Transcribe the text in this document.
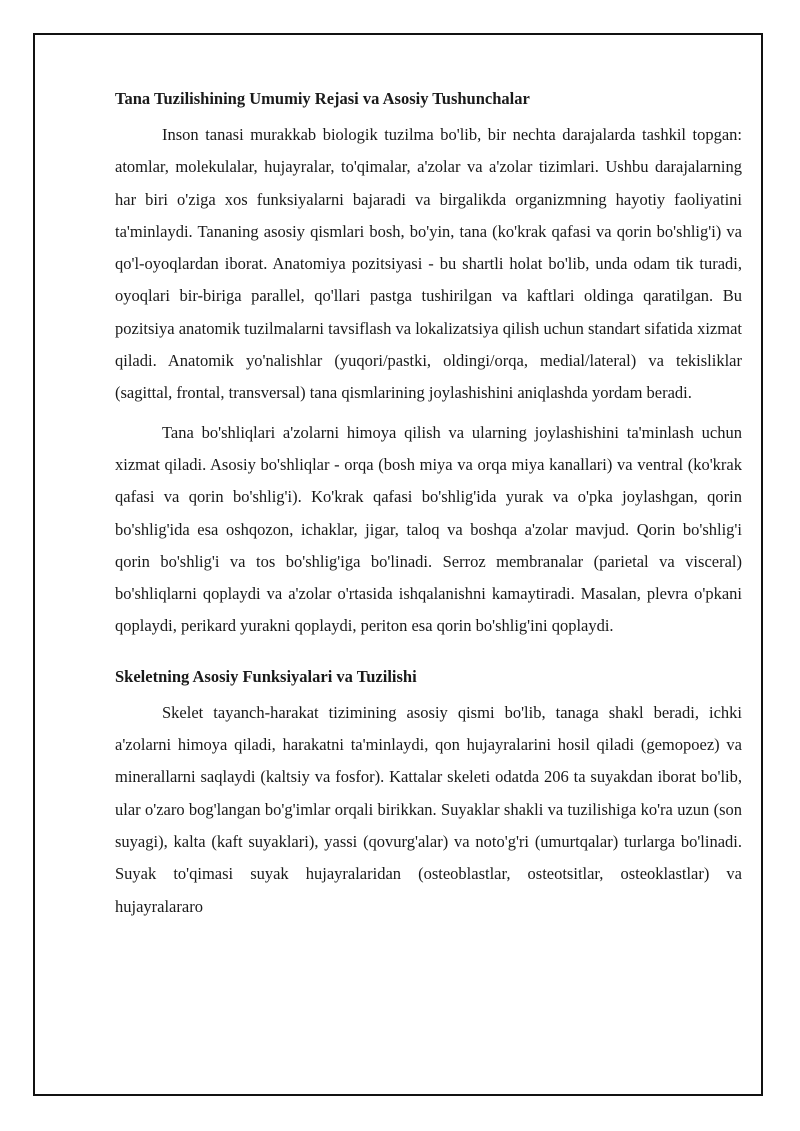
Tana Tuzilishining Umumiy Rejasi va Asosiy Tushunchalar

Inson tanasi murakkab biologik tuzilma bo'lib, bir nechta darajalarda tashkil topgan: atomlar, molekulalar, hujayralar, to'qimalar, a'zolar va a'zolar tizimlari. Ushbu darajalarning har biri o'ziga xos funksiyalarni bajaradi va birgalikda organizmning hayotiy faoliyatini ta'minlaydi. Tananing asosiy qismlari bosh, bo'yin, tana (ko'krak qafasi va qorin bo'shlig'i) va qo'l-oyoqlardan iborat. Anatomiya pozitsiyasi - bu shartli holat bo'lib, unda odam tik turadi, oyoqlari bir-biriga parallel, qo'llari pastga tushirilgan va kaftlari oldinga qaratilgan. Bu pozitsiya anatomik tuzilmalarni tavsiflash va lokalizatsiya qilish uchun standart sifatida xizmat qiladi. Anatomik yo'nalishlar (yuqori/pastki, oldingi/orqa, medial/lateral) va tekisliklar (sagittal, frontal, transversal) tana qismlarining joylashishini aniqlashda yordam beradi.

Tana bo'shliqlari a'zolarni himoya qilish va ularning joylashishini ta'minlash uchun xizmat qiladi. Asosiy bo'shliqlar - orqa (bosh miya va orqa miya kanallari) va ventral (ko'krak qafasi va qorin bo'shlig'i). Ko'krak qafasi bo'shlig'ida yurak va o'pka joylashgan, qorin bo'shlig'ida esa oshqozon, ichaklar, jigar, taloq va boshqa a'zolar mavjud. Qorin bo'shlig'i qorin bo'shlig'i va tos bo'shlig'iga bo'linadi. Serroz membranalar (parietal va visceral) bo'shliqlarni qoplaydi va a'zolar o'rtasida ishqalanishni kamaytiradi. Masalan, plevra o'pkani qoplaydi, perikard yurakni qoplaydi, periton esa qorin bo'shlig'ini qoplaydi.

Skeletning Asosiy Funksiyalari va Tuzilishi

Skelet tayanch-harakat tizimining asosiy qismi bo'lib, tanaga shakl beradi, ichki a'zolarni himoya qiladi, harakatni ta'minlaydi, qon hujayralarini hosil qiladi (gemopoez) va minerallarni saqlaydi (kaltsiy va fosfor). Kattalar skeleti odatda 206 ta suyakdan iborat bo'lib, ular o'zaro bog'langan bo'g'imlar orqali birikkan. Suyaklar shakli va tuzilishiga ko'ra uzun (son suyagi), kalta (kaft suyaklari), yassi (qovurg'alar) va noto'g'ri (umurtqalar) turlarga bo'linadi. Suyak to'qimasi suyak hujayralaridan (osteoblastlar, osteotsitlar, osteoklastlar) va hujayralararo
